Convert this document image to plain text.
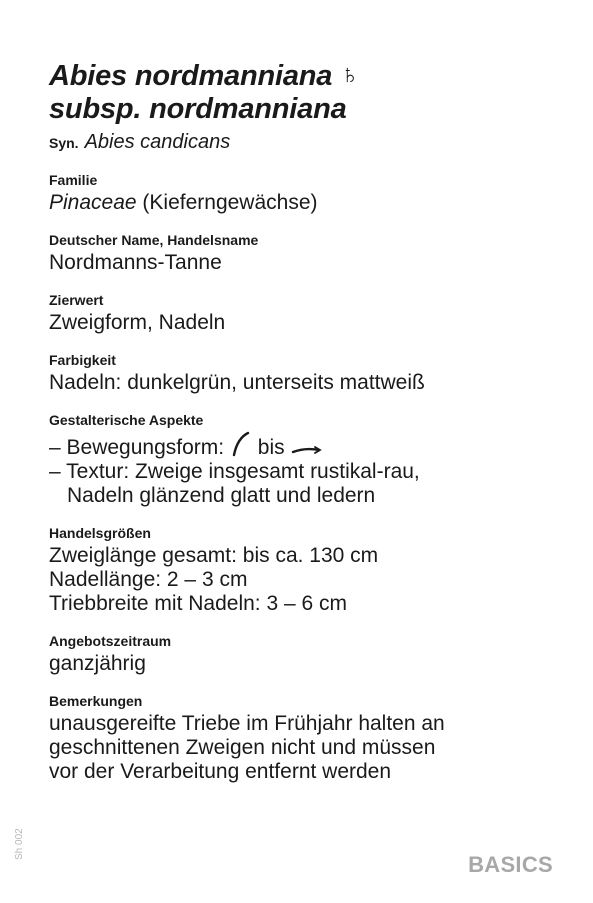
Abies nordmanniana ♄
subsp. nordmanniana
Syn. Abies candicans
Familie
Pinaceae (Kieferngewächse)
Deutscher Name, Handelsname
Nordmanns-Tanne
Zierwert
Zweigform, Nadeln
Farbigkeit
Nadeln: dunkelgrün, unterseits mattweiß
Gestalterische Aspekte
– Bewegungsform: bis
– Textur: Zweige insgesamt rustikal-rau,
Nadeln glänzend glatt und ledern
Handelsgrößen
Zweiglänge gesamt: bis ca. 130 cm
Nadellänge: 2 – 3 cm
Triebbreite mit Nadeln: 3 – 6 cm
Angebotszeitraum
ganzjährig
Bemerkungen
unausgereifte Triebe im Frühjahr halten an
geschnittenen Zweigen nicht und müssen
vor der Verarbeitung entfernt werden
Sh 002
BASICS
